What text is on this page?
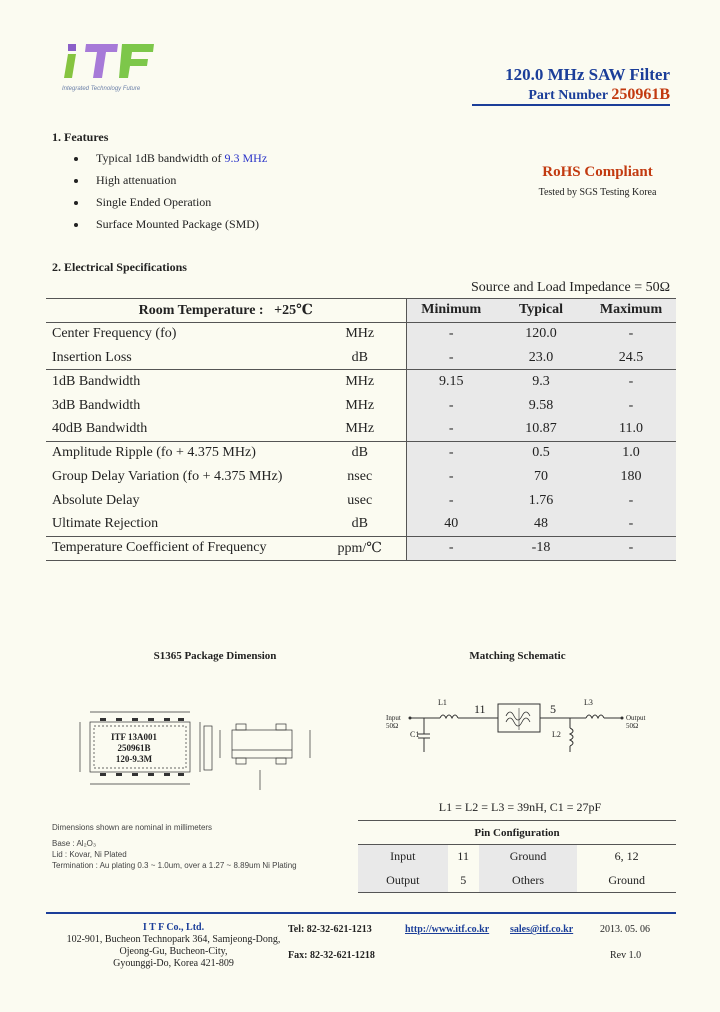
Integrated Technology Future
120.0 MHz SAW Filter
Part Number 250961B
1. Features
Typical 1dB bandwidth of 9.3 MHz
High attenuation
Single Ended Operation
Surface Mounted Package (SMD)
RoHS Compliant
Tested by SGS Testing Korea
2. Electrical Specifications
Source and Load Impedance = 50Ω
Room Temperature : +25℃		Minimum	Typical	Maximum
Center Frequency (fo)	MHz	-	120.0	-
Insertion Loss	dB	-	23.0	24.5
1dB Bandwidth	MHz	9.15	9.3	-
3dB Bandwidth	MHz	-	9.58	-
40dB Bandwidth	MHz	-	10.87	11.0
Amplitude Ripple (fo + 4.375 MHz)	dB	-	0.5	1.0
Group Delay Variation (fo + 4.375 MHz)	nsec	-	70	180
Absolute Delay	usec	-	1.76	-
Ultimate Rejection	dB	40	48	-
Temperature Coefficient of Frequency	ppm/℃	-	-18	-
S1365 Package Dimension
ITF 13A001
250961B
120-9.3M
Dimensions shown are nominal in millimeters
Base : Al₂O₃
Lid : Kovar, Ni Plated
Termination : Au plating 0.3 ~ 1.0um, over a 1.27 ~ 8.89um Ni Plating
Matching Schematic
L1	L3
L2
C1
11	5
Input
50Ω
Output
50Ω
L1 = L2 = L3 = 39nH, C1 = 27pF
Pin Configuration			
Input	11	Ground	6, 12
Output	5	Others	Ground
I T F Co., Ltd.
102-901, Bucheon Technopark 364, Samjeong-Dong,
Ojeong-Gu, Bucheon-City,
Gyounggi-Do, Korea 421-809
Tel: 82-32-621-1213
Fax: 82-32-621-1218
http://www.itf.co.kr sales@itf.co.kr	2013. 05. 06
Rev 1.0
